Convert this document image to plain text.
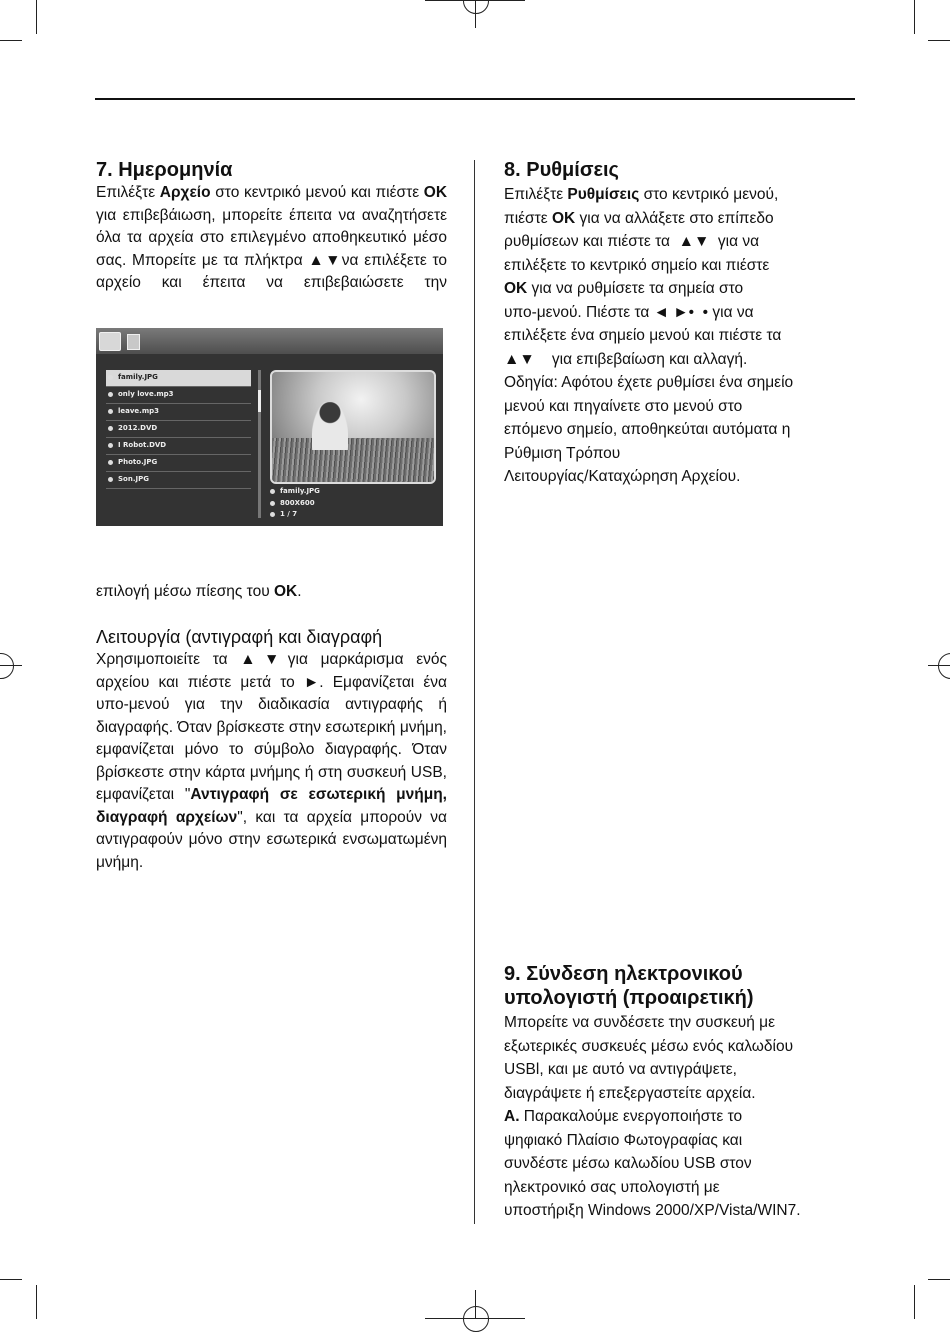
7. Ημερομηνία

Επιλέξτε Αρχείο στο κεντρικό μενού και πιέστε OK για επιβεβάιωση, μπορείτε έπειτα να αναζητήσετε όλα τα αρχεία στο επιλεγμένο αποθηκευτικό μέσο σας. Μπορείτε με τα πλήκτρα ▲▼να επιλέξετε το αρχείο και έπειτα να επιβεβαιώσετε την

family.JPG
only love.mp3
leave.mp3
2012.DVD
I Robot.DVD
Photo.JPG
Son.JPG
family.JPG
800X600
1 / 7

επιλογή μέσω πίεσης του OK.

Λειτουργία (αντιγραφή και διαγραφή

Χρησιμοποιείτε τα ▲▼για μαρκάρισμα ενός αρχείου και πιέστε μετά το ►. Εμφανίζεται ένα υπο-μενού για την διαδικασία αντιγραφής ή διαγραφής. Όταν βρίσκεστε στην εσωτερική μνήμη, εμφανίζεται μόνο το σύμβολο διαγραφής. Όταν βρίσκεστε στην κάρτα μνήμης ή στη συσκευή USB, εμφανίζεται "Αντιγραφή σε εσωτερική μνήμη, διαγραφή αρχείων", και τα αρχεία μπορούν να αντιγραφούν μόνο στην εσωτερικά ενσωματωμένη μνήμη.

8. Ρυθμίσεις
Επιλέξτε Ρυθμίσεις στο κεντρικό μενού,
πιέστε OK για να αλλάξετε στο επίπεδο
ρυθμίσεων και πιέστε τα  ▲▼  για να
επιλέξετε το κεντρικό σημείο και πιέστε
OK για να ρυθμίσετε τα σημεία στο
υπο-μενού. Πιέστε τα ◄ ►•  • για να
επιλέξετε ένα σημείο μενού και πιέστε τα
▲▼    για επιβεβαίωση και αλλαγή.
Οδηγία: Αφότου έχετε ρυθμίσει ένα σημείο
μενού και πηγαίνετε στο μενού στο
επόμενο σημείο, αποθηκεύται αυτόματα η
Ρύθμιση Τρόπου
Λειτουργίας/Καταχώρηση Αρχείου.
9. Σύνδεση ηλεκτρονικού
υπολογιστή (προαιρετική)
Μπορείτε να συνδέσετε την συσκευή με
εξωτερικές συσκευές μέσω ενός καλωδίου
USBl, και με αυτό να αντιγράψετε,
διαγράψετε ή επεξεργαστείτε αρχεία.
A. Παρακαλούμε ενεργοποιήστε το
ψηφιακό Πλαίσιο Φωτογραφίας και
συνδέστε μέσω καλωδίου USB στον
ηλεκτρονικό σας υπολογιστή με
υποστήριξη Windows 2000/XP/Vista/WIN7.
